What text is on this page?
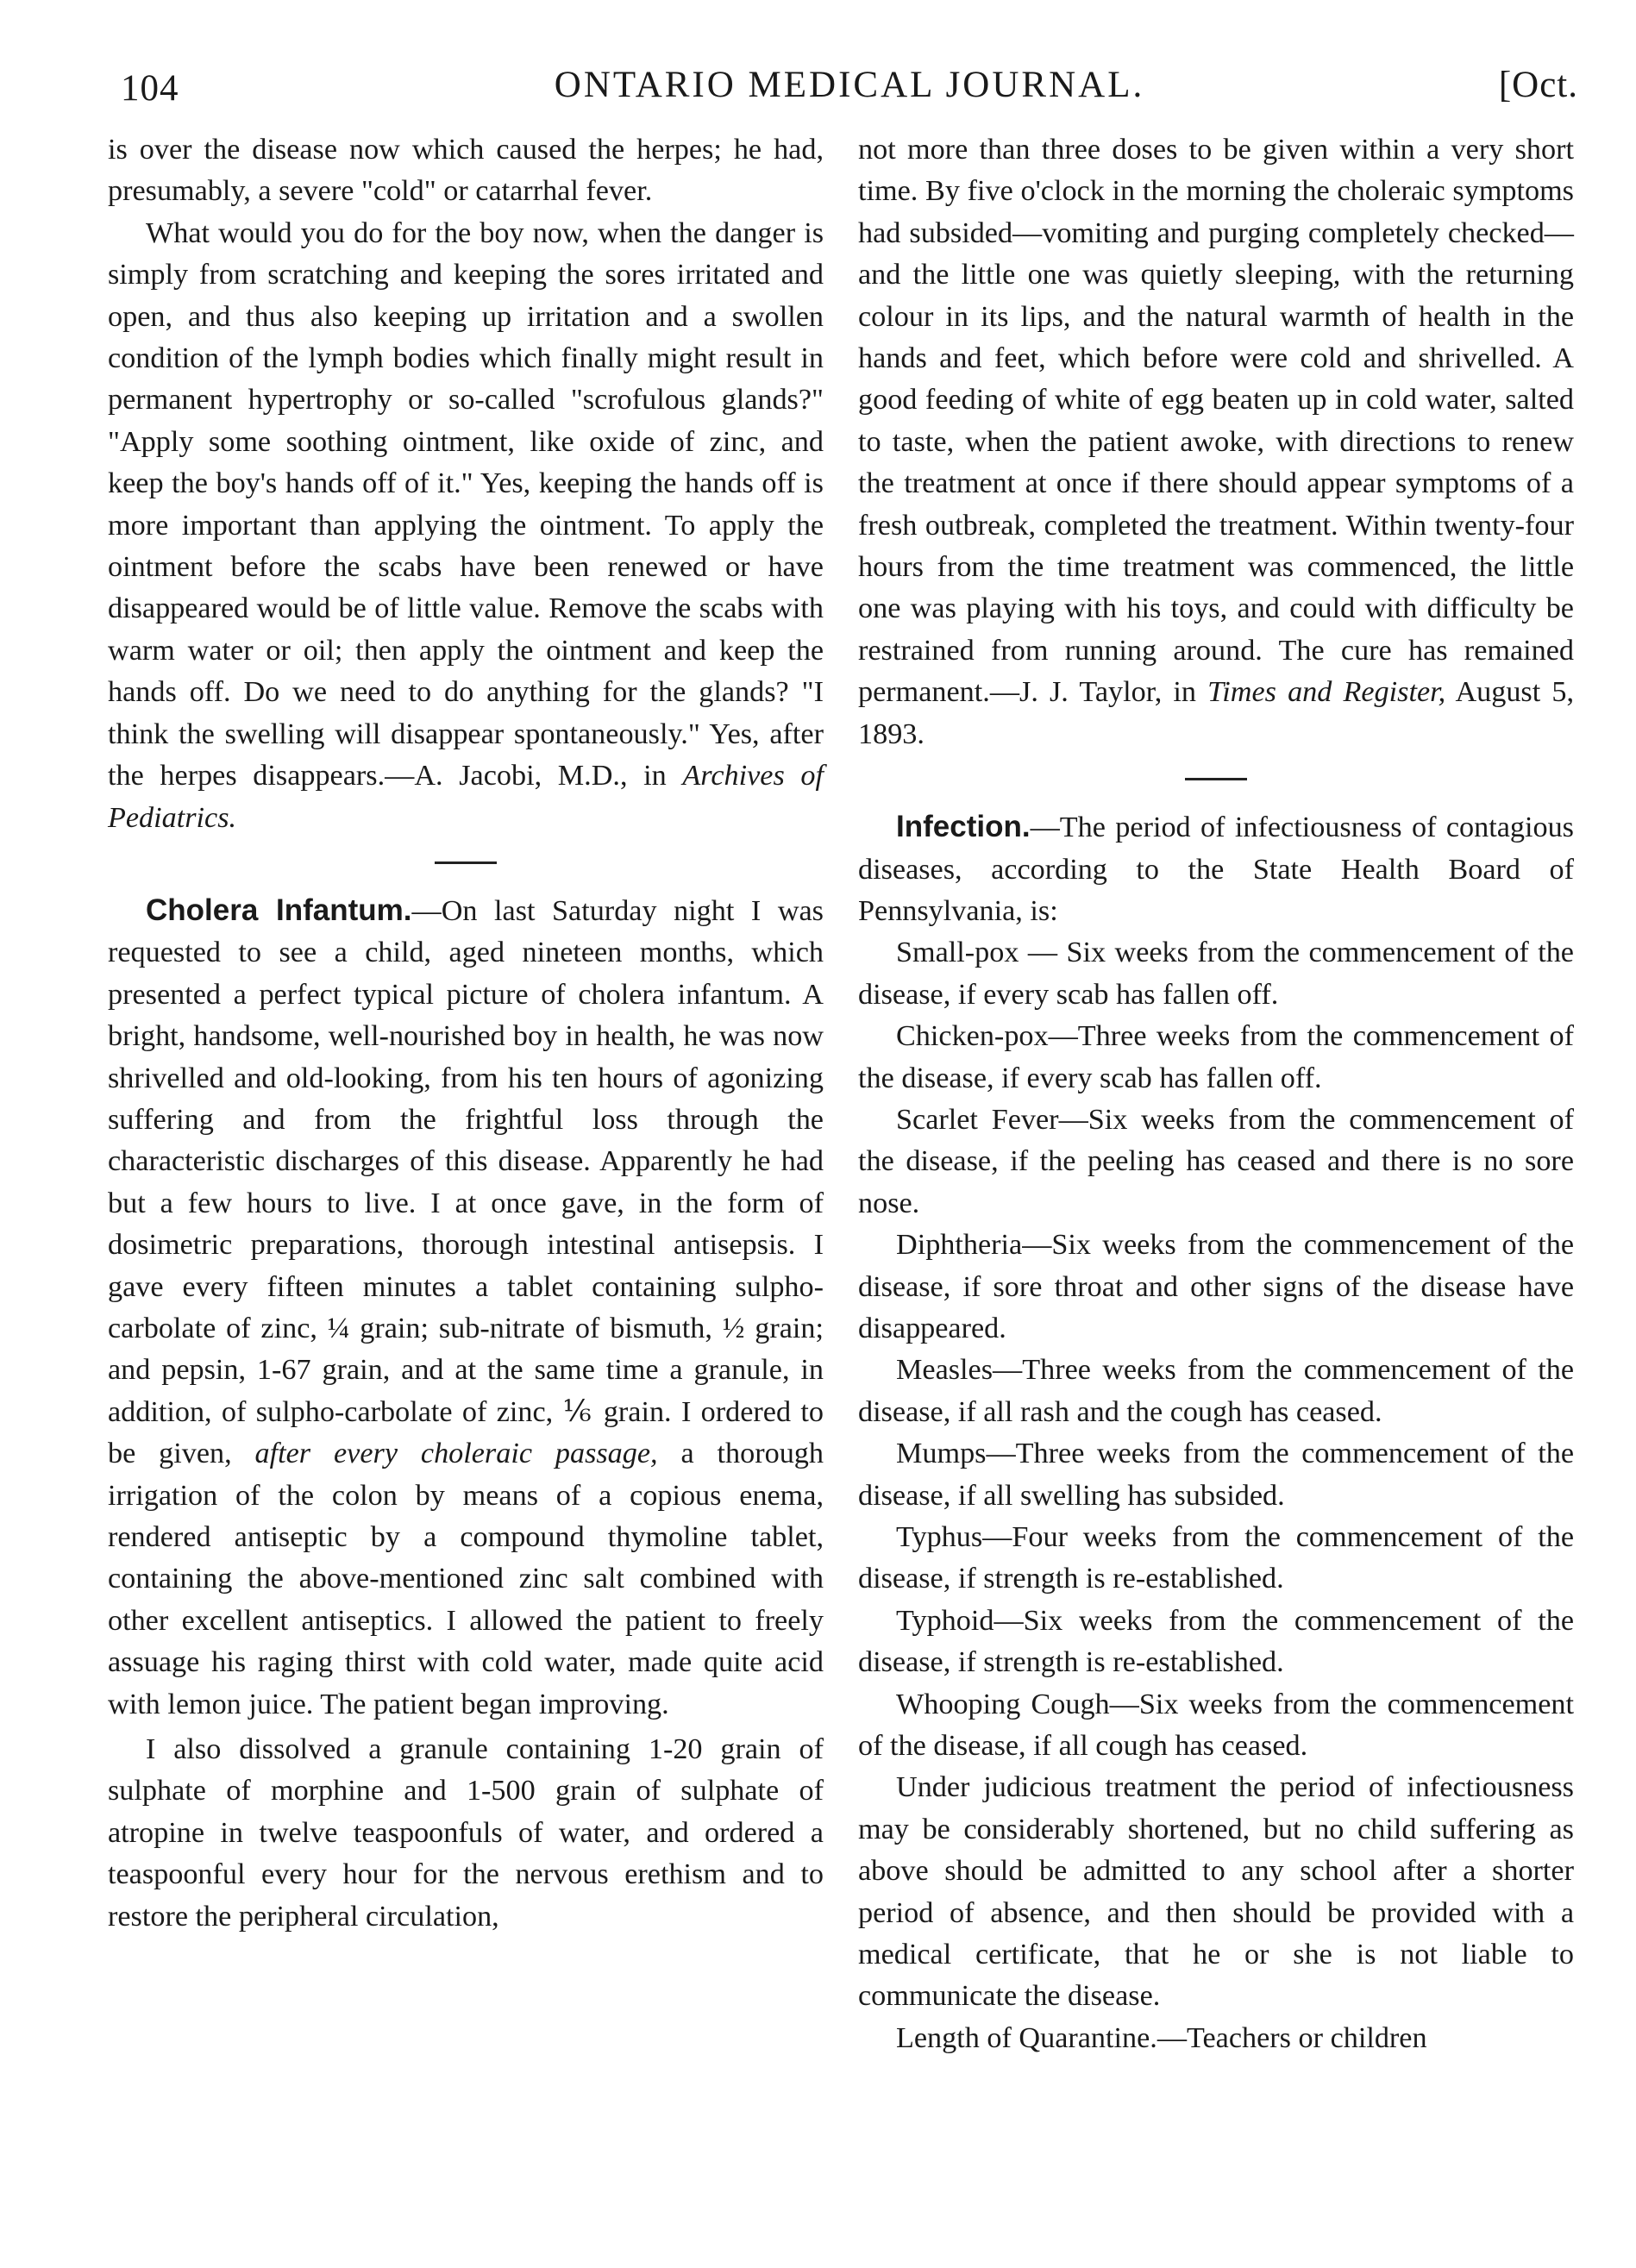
104	ONTARIO MEDICAL JOURNAL.	[Oct.

is over the disease now which caused the herpes; he had, presumably, a severe "cold" or catarrhal fever.

What would you do for the boy now, when the danger is simply from scratching and keeping the sores irritated and open, and thus also keeping up irritation and a swollen condition of the lymph bodies which finally might result in permanent hypertrophy or so-called "scrofulous glands?" "Apply some soothing ointment, like oxide of zinc, and keep the boy's hands off of it." Yes, keeping the hands off is more important than applying the ointment. To apply the ointment before the scabs have been renewed or have disappeared would be of little value. Remove the scabs with warm water or oil; then apply the ointment and keep the hands off. Do we need to do anything for the glands? "I think the swelling will disappear spontaneously." Yes, after the herpes disappears.—A. Jacobi, M.D., in Archives of Pediatrics.

Cholera Infantum.—On last Saturday night I was requested to see a child, aged nineteen months, which presented a perfect typical picture of cholera infantum. A bright, handsome, well-nourished boy in health, he was now shrivelled and old-looking, from his ten hours of agonizing suffering and from the frightful loss through the characteristic discharges of this disease. Apparently he had but a few hours to live. I at once gave, in the form of dosimetric preparations, thorough intestinal antisepsis. I gave every fifteen minutes a tablet containing sulpho-carbolate of zinc, ¼ grain; sub-nitrate of bismuth, ½ grain; and pepsin, 1-67 grain, and at the same time a granule, in addition, of sulpho-carbolate of zinc, ⅙ grain. I ordered to be given, after every choleraic passage, a thorough irrigation of the colon by means of a copious enema, rendered antiseptic by a compound thymoline tablet, containing the above-mentioned zinc salt combined with other excellent antiseptics. I allowed the patient to freely assuage his raging thirst with cold water, made quite acid with lemon juice. The patient began improving.

I also dissolved a granule containing 1-20 grain of sulphate of morphine and 1-500 grain of sulphate of atropine in twelve teaspoonfuls of water, and ordered a teaspoonful every hour for the nervous erethism and to restore the peripheral circulation,

not more than three doses to be given within a very short time. By five o'clock in the morning the choleraic symptoms had subsided—vomiting and purging completely checked—and the little one was quietly sleeping, with the returning colour in its lips, and the natural warmth of health in the hands and feet, which before were cold and shrivelled. A good feeding of white of egg beaten up in cold water, salted to taste, when the patient awoke, with directions to renew the treatment at once if there should appear symptoms of a fresh outbreak, completed the treatment. Within twenty-four hours from the time treatment was commenced, the little one was playing with his toys, and could with difficulty be restrained from running around. The cure has remained permanent.—J. J. Taylor, in Times and Register, August 5, 1893.

Infection.—The period of infectiousness of contagious diseases, according to the State Health Board of Pennsylvania, is:

Small-pox — Six weeks from the commencement of the disease, if every scab has fallen off.

Chicken-pox—Three weeks from the commencement of the disease, if every scab has fallen off.

Scarlet Fever—Six weeks from the commencement of the disease, if the peeling has ceased and there is no sore nose.

Diphtheria—Six weeks from the commencement of the disease, if sore throat and other signs of the disease have disappeared.

Measles—Three weeks from the commencement of the disease, if all rash and the cough has ceased.

Mumps—Three weeks from the commencement of the disease, if all swelling has subsided.

Typhus—Four weeks from the commencement of the disease, if strength is re-established.

Typhoid—Six weeks from the commencement of the disease, if strength is re-established.

Whooping Cough—Six weeks from the commencement of the disease, if all cough has ceased.

Under judicious treatment the period of infectiousness may be considerably shortened, but no child suffering as above should be admitted to any school after a shorter period of absence, and then should be provided with a medical certificate, that he or she is not liable to communicate the disease.

Length of Quarantine.—Teachers or children
